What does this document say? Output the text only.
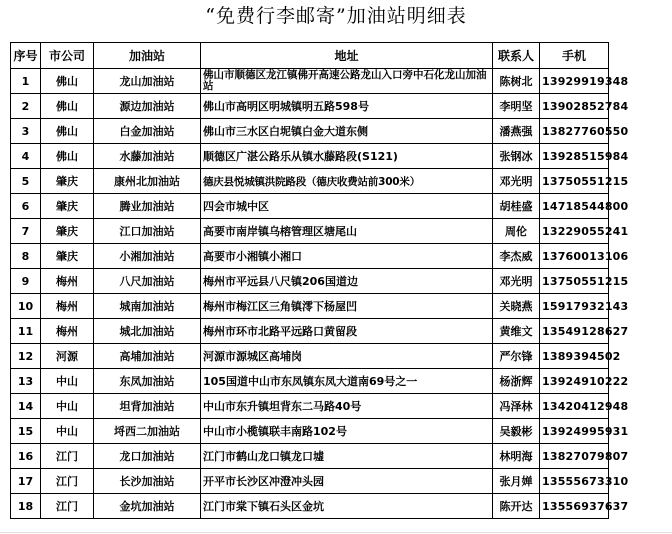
“免费行李邮寄”加油站明细表
序号	市公司	加油站	地址	联系人	手机
1	佛山	龙山加油站	佛山市顺德区龙江镇佛开高速公路龙山入口旁中石化龙山加油站	陈树北	13929919348
2	佛山	源边加油站	佛山市高明区明城镇明五路598号	李明坚	13902852784
3	佛山	白金加油站	佛山市三水区白坭镇白金大道东侧	潘燕强	13827760550
4	佛山	水藤加油站	顺德区广湛公路乐从镇水藤路段(S121)	张钢冰	13928515984
5	肇庆	康州北加油站	德庆县悦城镇洪院路段（德庆收费站前300米）	邓光明	13750551215
6	肇庆	腾业加油站	四会市城中区	胡桂盛	14718544800
7	肇庆	江口加油站	高要市南岸镇乌榕管理区塘尾山	周伦	13229055241
8	肇庆	小湘加油站	高要市小湘镇小湘口	李杰威	13760013106
9	梅州	八尺加油站	梅州市平远县八尺镇206国道边	邓光明	13750551215
10	梅州	城南加油站	梅州市梅江区三角镇澪下杨屋凹	关晓燕	15917932143
11	梅州	城北加油站	梅州市环市北路平远路口黄留段	黄维文	13549128627
12	河源	高埔加油站	河源市源城区高埔岗	严尔锋	1389394502
13	中山	东凤加油站	105国道中山市东凤镇东凤大道南69号之一	杨浙辉	13924910222
14	中山	坦背加油站	中山市东升镇坦背东二马路40号	冯泽林	13420412948
15	中山	埒西二加油站	中山市小榄镇联丰南路102号	吴毅彬	13924995931
16	江门	龙口加油站	江门市鹤山龙口镇龙口墟	林明海	13827079807
17	江门	长沙加油站	开平市长沙区冲澄冲头园	张月婵	13555673310
18	江门	金坑加油站	江门市棠下镇石头区金坑	陈开达	13556937637
